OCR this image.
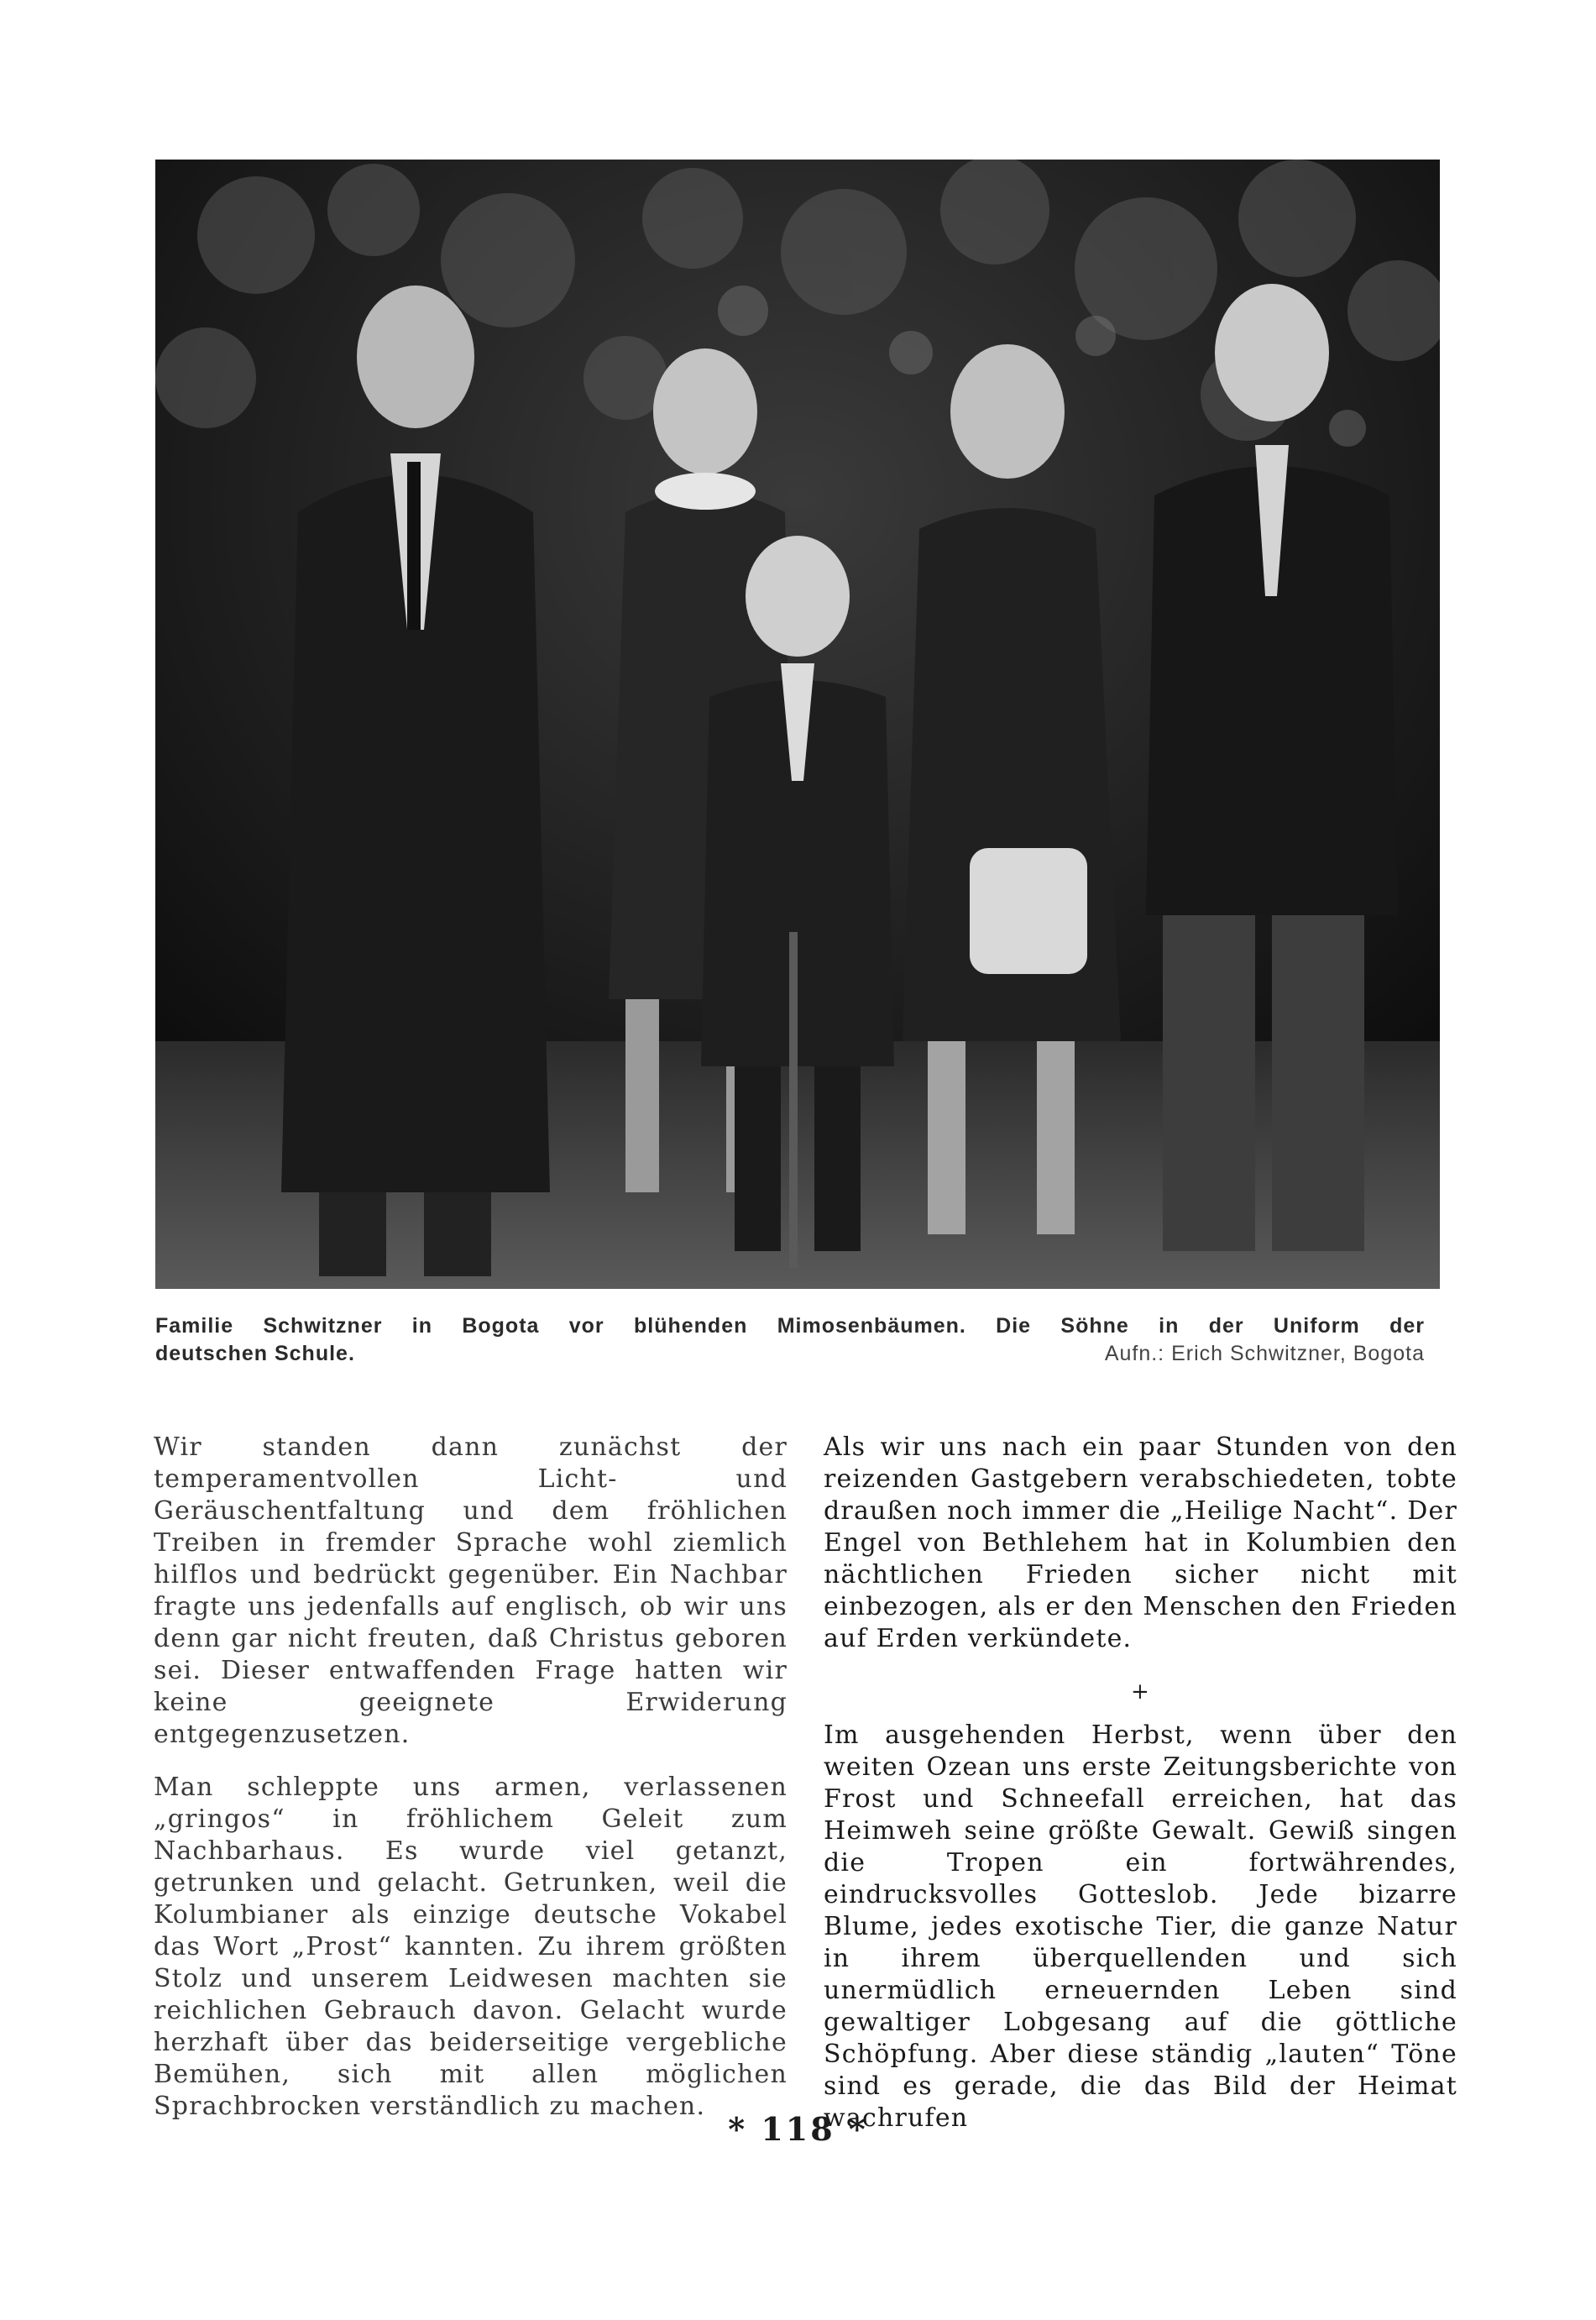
Familie Schwitzner in Bogota vor blühenden Mimosenbäumen. Die Söhne in der Uniform der
deutschen Schule.	Aufn.: Erich Schwitzner, Bogota

Wir standen dann zunächst der temperamentvollen Licht- und Geräuschentfaltung und dem fröhlichen Treiben in fremder Sprache wohl ziemlich hilflos und bedrückt gegenüber. Ein Nachbar fragte uns jedenfalls auf englisch, ob wir uns denn gar nicht freuten, daß Christus geboren sei. Dieser entwaffenden Frage hatten wir keine geeignete Erwiderung entgegenzusetzen.

Man schleppte uns armen, verlassenen „gringos“ in fröhlichem Geleit zum Nachbarhaus. Es wurde viel getanzt, getrunken und gelacht. Getrunken, weil die Kolumbianer als einzige deutsche Vokabel das Wort „Prost“ kannten. Zu ihrem größten Stolz und unserem Leidwesen machten sie reichlichen Gebrauch davon. Gelacht wurde herzhaft über das beiderseitige vergebliche Bemühen, sich mit allen möglichen Sprachbrocken verständlich zu machen.

Als wir uns nach ein paar Stunden von den reizenden Gastgebern verabschiedeten, tobte draußen noch immer die „Heilige Nacht“. Der Engel von Bethlehem hat in Kolumbien den nächtlichen Frieden sicher nicht mit einbezogen, als er den Menschen den Frieden auf Erden verkündete.

+

Im ausgehenden Herbst, wenn über den weiten Ozean uns erste Zeitungsberichte von Frost und Schneefall erreichen, hat das Heimweh seine größte Gewalt. Gewiß singen die Tropen ein fortwährendes, eindrucksvolles Gotteslob. Jede bizarre Blume, jedes exotische Tier, die ganze Natur in ihrem überquellenden und sich unermüdlich erneuernden Leben sind gewaltiger Lobgesang auf die göttliche Schöpfung. Aber diese ständig „lauten“ Töne sind es gerade, die das Bild der Heimat wachrufen

* 118 *
